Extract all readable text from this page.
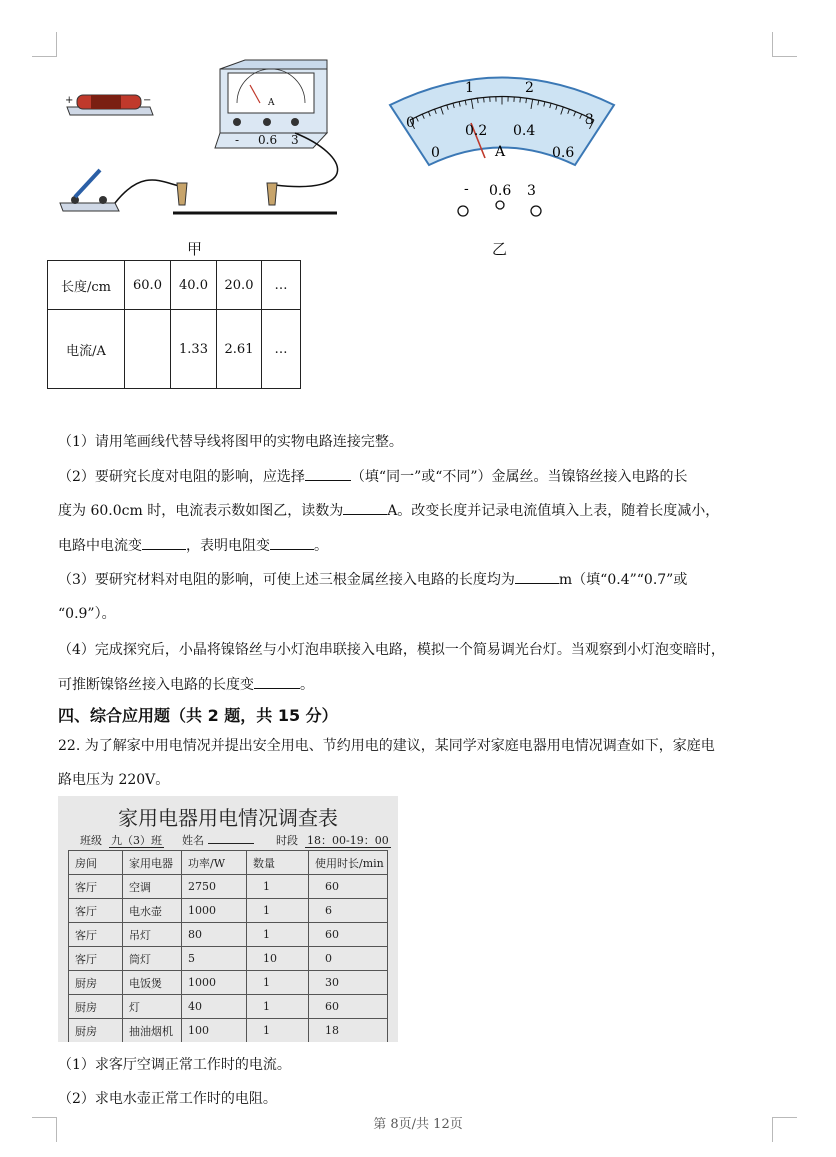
+	−	A
- 0.6 3
甲
0
1	2
3
0
0.2 0.4
0.6
A
- 0.6 3
乙
长度/cm	60.0	40.0	20.0	…
电流/A		1.33	2.61	…
（1）请用笔画线代替导线将图甲的实物电路连接完整。
（2）要研究长度对电阻的影响，应选择	（填“同一”或“不同”）金属丝。当镍铬丝接入电路的长
度为 60.0cm 时，电流表示数如图乙，读数为	A。改变长度并记录电流值填入上表，随着长度减小，
电路中电流变	，表明电阻变	。
（3）要研究材料对电阻的影响，可使上述三根金属丝接入电路的长度均为	m（填“0.4”“0.7”或
“0.9”）。
（4）完成探究后，小晶将镍铬丝与小灯泡串联接入电路，模拟一个简易调光台灯。当观察到小灯泡变暗时，
可推断镍铬丝接入电路的长度变	。
四、综合应用题（共 2 题，共 15 分）
22. 为了解家中用电情况并提出安全用电、节约用电的建议，某同学对家庭电器用电情况调查如下，家庭电
路电压为 220V。
家用电器用电情况调查表
班级 九（3）班 姓名	时段 18：00-19：00
房间	家用电器	功率/W	数量	使用时长/min
客厅	空调	2750	1	60
客厅	电水壶	1000	1	6
客厅	吊灯	80	1	60
客厅	筒灯	5	10	0
厨房	电饭煲	1000	1	30
厨房	灯	40	1	60
厨房	抽油烟机	100	1	18
（1）求客厅空调正常工作时的电流。
（2）求电水壶正常工作时的电阻。
第 8页/共 12页
